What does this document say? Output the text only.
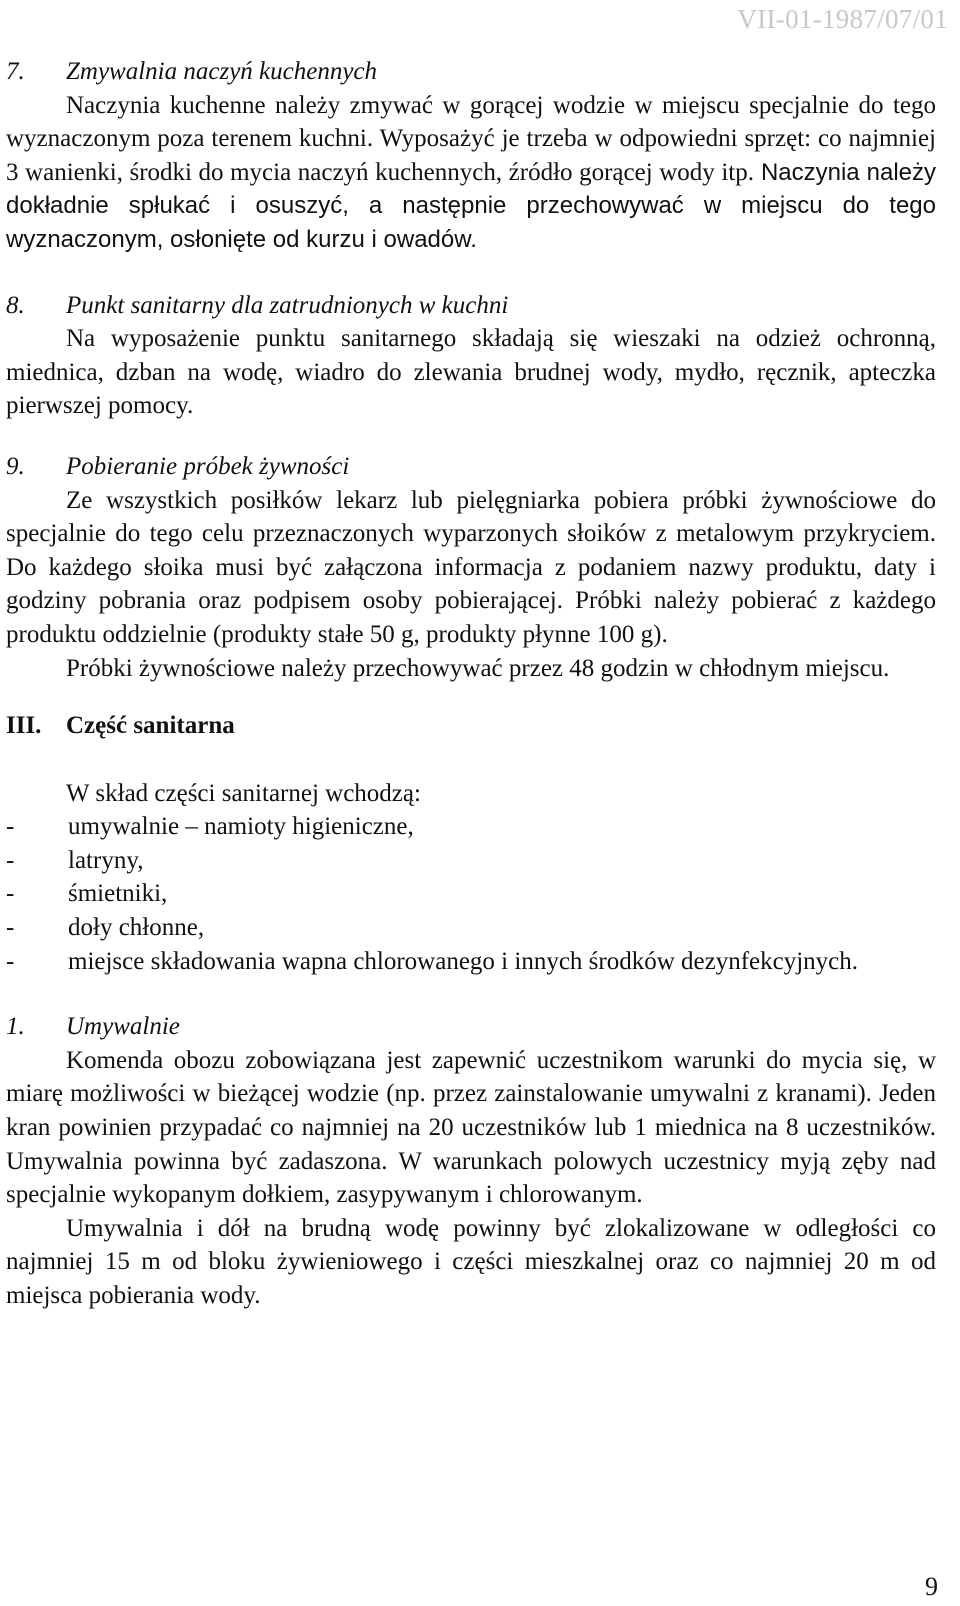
VII-01-1987/07/01
7.	Zmywalnia naczyń kuchennych

Naczynia kuchenne należy zmywać w gorącej wodzie w miejscu specjalnie do tego wyznaczonym poza terenem kuchni. Wyposażyć je trzeba w odpowiedni sprzęt: co najmniej 3 wanienki, środki do mycia naczyń kuchennych, źródło gorącej wody itp. Naczynia należy dokładnie spłukać i osuszyć, a następnie przechowywać w miejscu do tego wyznaczonym, osłonięte od kurzu i owadów.

8.	Punkt sanitarny dla zatrudnionych w kuchni

Na wyposażenie punktu sanitarnego składają się wieszaki na odzież ochronną, miednica, dzban na wodę, wiadro do zlewania brudnej wody, mydło, ręcznik, apteczka pierwszej pomocy.

9.	Pobieranie próbek żywności

Ze wszystkich posiłków lekarz lub pielęgniarka pobiera próbki żywnościowe do specjalnie do tego celu przeznaczonych wyparzonych słoików z metalowym przykryciem. Do każdego słoika musi być załączona informacja z podaniem nazwy produktu, daty i godziny pobrania oraz podpisem osoby pobierającej. Próbki należy pobierać z każdego produktu oddzielnie (produkty stałe 50 g, produkty płynne 100 g).

Próbki żywnościowe należy przechowywać przez 48 godzin w chłodnym miejscu.

III. Część sanitarna

W skład części sanitarnej wchodzą:

-	umywalnie – namioty higieniczne,
-	latryny,
-	śmietniki,
-	doły chłonne,
-	miejsce składowania wapna chlorowanego i innych środków dezynfekcyjnych.
1.	Umywalnie

Komenda obozu zobowiązana jest zapewnić uczestnikom warunki do mycia się, w miarę możliwości w bieżącej wodzie (np. przez zainstalowanie umywalni z kranami). Jeden kran powinien przypadać co najmniej na 20 uczestników lub 1 miednica na 8 uczestników. Umywalnia powinna być zadaszona. W warunkach polowych uczestnicy myją zęby nad specjalnie wykopanym dołkiem, zasypywanym i chlorowanym.

Umywalnia i dół na brudną wodę powinny być zlokalizowane w odległości co najmniej 15 m od bloku żywieniowego i części mieszkalnej oraz co najmniej 20 m od miejsca pobierania wody.

9
